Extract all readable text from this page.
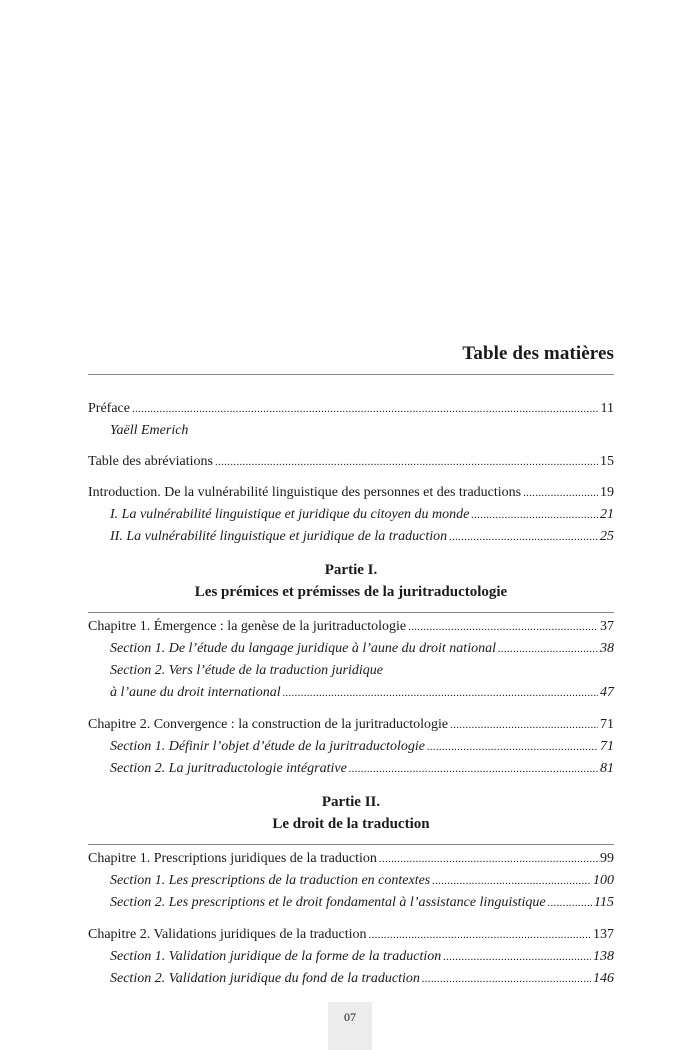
Table des matières
Préface .....	11
Yaëll Emerich
Table des abréviations .....	15
Introduction. De la vulnérabilité linguistique des personnes et des traductions .....	19
I. La vulnérabilité linguistique et juridique du citoyen du monde .....	21
II. La vulnérabilité linguistique et juridique de la traduction .....	25
Partie I.
Les prémices et prémisses de la juritraductologie
Chapitre 1. Émergence : la genèse de la juritraductologie .....	37
Section 1. De l’étude du langage juridique à l’aune du droit national .....	38
Section 2. Vers l’étude de la traduction juridique
à l’aune du droit international .....	47
Chapitre 2. Convergence : la construction de la juritraductologie .....	71
Section 1. Définir l’objet d’étude de la juritraductologie .....	71
Section 2. La juritraductologie intégrative .....	81
Partie II.
Le droit de la traduction
Chapitre 1. Prescriptions juridiques de la traduction .....	99
Section 1. Les prescriptions de la traduction en contextes .....	100
Section 2. Les prescriptions et le droit fondamental à l’assistance linguistique .....	115
Chapitre 2. Validations juridiques de la traduction .....	137
Section 1. Validation juridique de la forme de la traduction .....	138
Section 2. Validation juridique du fond de la traduction .....	146
07
